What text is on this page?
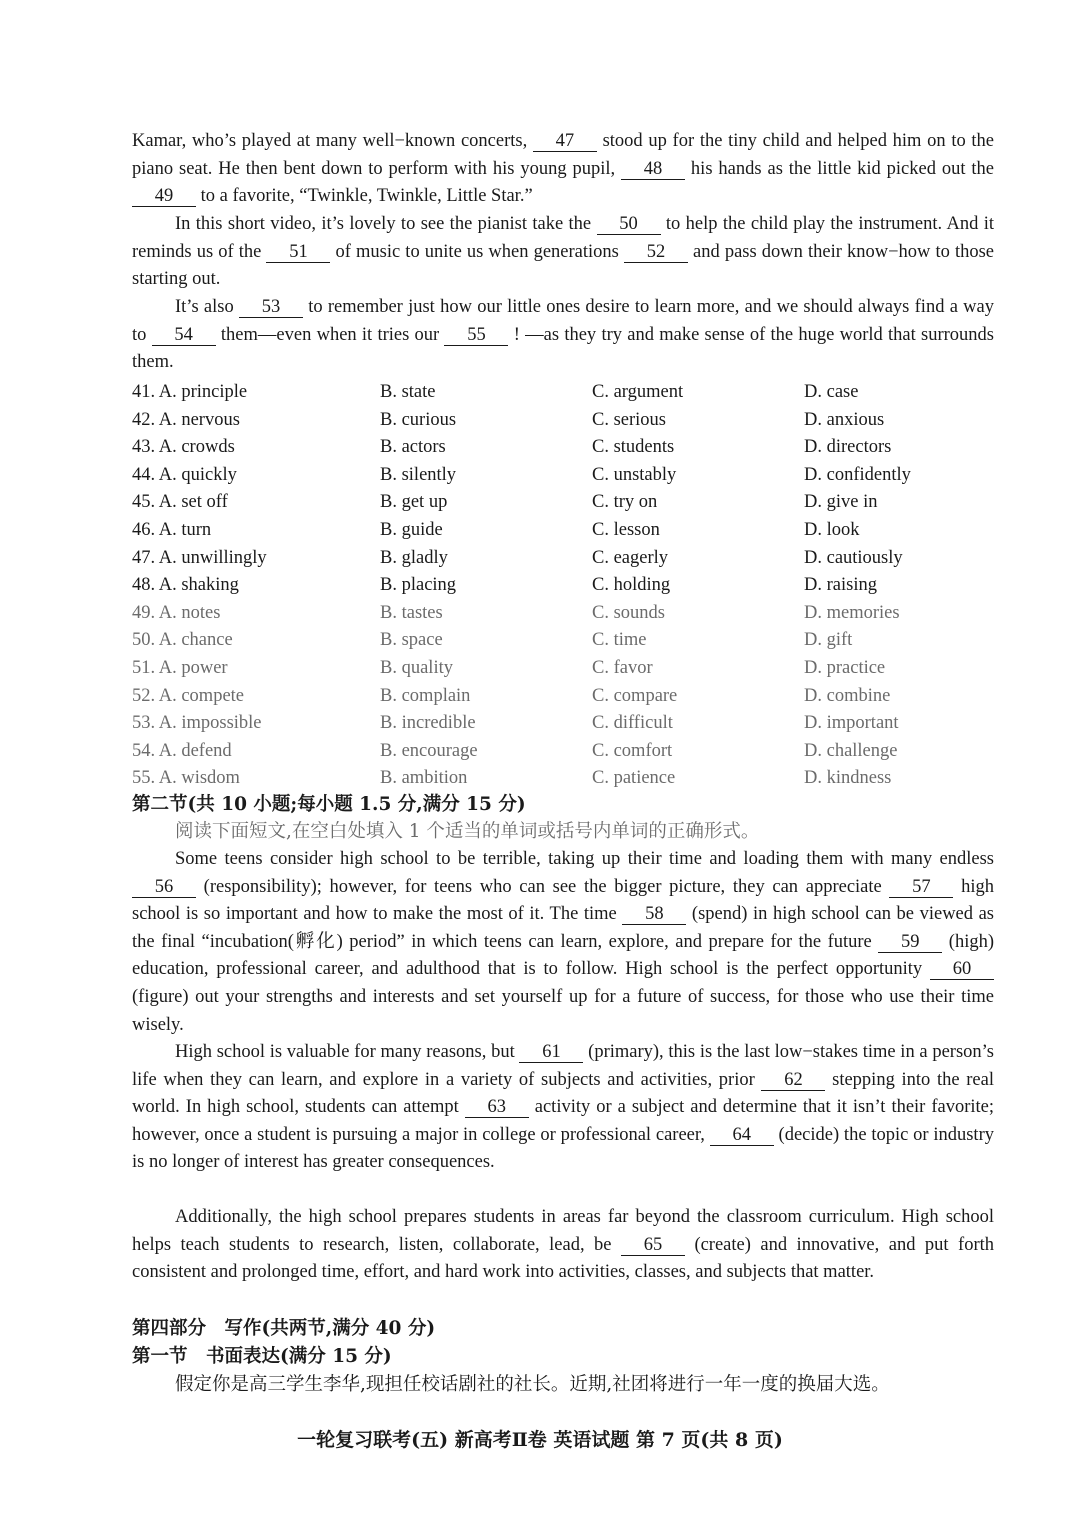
Kamar, who’s played at many well−known concerts, 47 stood up for the tiny child and helped him on to the piano seat. He then bent down to perform with his young pupil, 48 his hands as the little kid picked out the 49 to a favorite, “Twinkle, Twinkle, Little Star.”

In this short video, it’s lovely to see the pianist take the 50 to help the child play the instrument. And it reminds us of the 51 of music to unite us when generations 52 and pass down their know−how to those starting out.

It’s also 53 to remember just how our little ones desire to learn more, and we should always find a way to 54 them—even when it tries our 55 ! —as they try and make sense of the huge world that surrounds them.

41. A. principle	B. state	C. argument	D. case
42. A. nervous	B. curious	C. serious	D. anxious
43. A. crowds	B. actors	C. students	D. directors
44. A. quickly	B. silently	C. unstably	D. confidently
45. A. set off	B. get up	C. try on	D. give in
46. A. turn	B. guide	C. lesson	D. look
47. A. unwillingly	B. gladly	C. eagerly	D. cautiously
48. A. shaking	B. placing	C. holding	D. raising
49. A. notes	B. tastes	C. sounds	D. memories
50. A. chance	B. space	C. time	D. gift
51. A. power	B. quality	C. favor	D. practice
52. A. compete	B. complain	C. compare	D. combine
53. A. impossible	B. incredible	C. difficult	D. important
54. A. defend	B. encourage	C. comfort	D. challenge
55. A. wisdom	B. ambition	C. patience	D. kindness

第二节(共 10 小题;每小题 1.5 分,满分 15 分)

阅读下面短文,在空白处填入 1 个适当的单词或括号内单词的正确形式。

Some teens consider high school to be terrible, taking up their time and loading them with many endless 56 (responsibility); however, for teens who can see the bigger picture, they can appreciate 57 high school is so important and how to make the most of it. The time 58 (spend) in high school can be viewed as the final “incubation(孵化) period” in which teens can learn, explore, and prepare for the future 59 (high) education, professional career, and adulthood that is to follow. High school is the perfect opportunity 60 (figure) out your strengths and interests and set yourself up for a future of success, for those who use their time wisely.

High school is valuable for many reasons, but 61 (primary), this is the last low−stakes time in a person’s life when they can learn, and explore in a variety of subjects and activities, prior 62 stepping into the real world. In high school, students can attempt 63 activity or a subject and determine that it isn’t their favorite; however, once a student is pursuing a major in college or professional career, 64 (decide) the topic or industry is no longer of interest has greater consequences.

Additionally, the high school prepares students in areas far beyond the classroom curriculum. High school helps teach students to research, listen, collaborate, lead, be 65 (create) and innovative, and put forth consistent and prolonged time, effort, and hard work into activities, classes, and subjects that matter.

第四部分　写作(共两节,满分 40 分)

第一节　书面表达(满分 15 分)

假定你是高三学生李华,现担任校话剧社的社长。近期,社团将进行一年一度的换届大选。

一轮复习联考(五) 新高考Ⅱ卷 英语试题 第 7 页(共 8 页)
